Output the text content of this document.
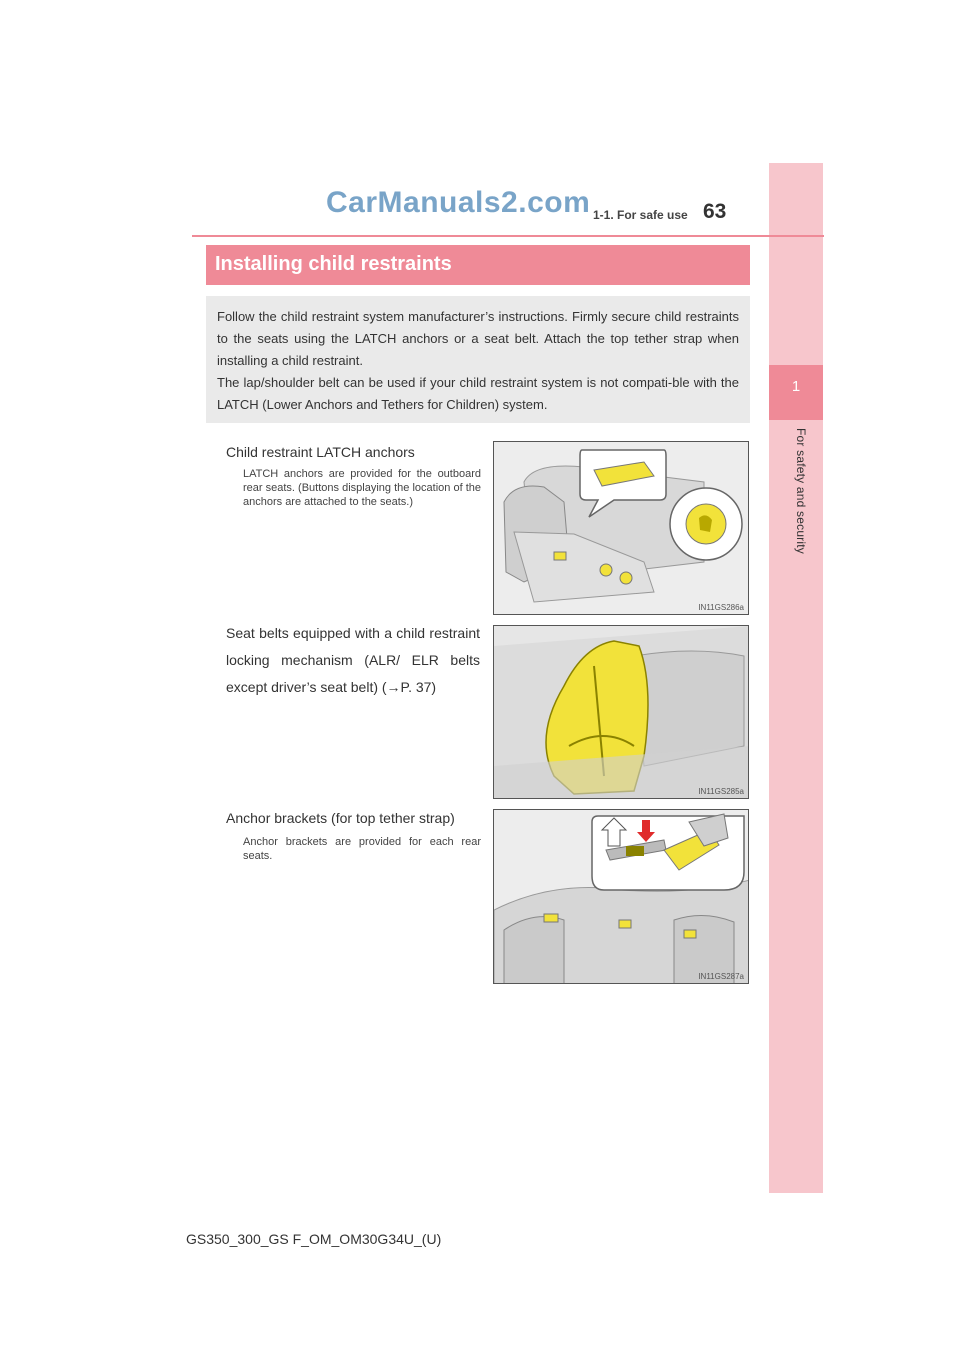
1
For safety and security
CarManuals2.com 1-1. For safe use 63
Installing child restraints

Follow the child restraint system manufacturer’s instructions. Firmly secure child restraints to the seats using the LATCH anchors or a seat belt. Attach the top tether strap when installing a child restraint.

The lap/shoulder belt can be used if your child restraint system is not compati-ble with the LATCH (Lower Anchors and Tethers for Children) system.

Child restraint LATCH anchors
LATCH anchors are provided for the outboard rear seats. (Buttons displaying the location of the anchors are attached to the seats.)
IN11GS286a
Seat belts equipped with a child restraint locking mechanism (ALR/ ELR belts except driver’s seat belt) (→P. 37)
IN11GS285a
Anchor brackets (for top tether strap)
Anchor brackets are provided for each rear seats.
IN11GS287a
GS350_300_GS F_OM_OM30G34U_(U)
